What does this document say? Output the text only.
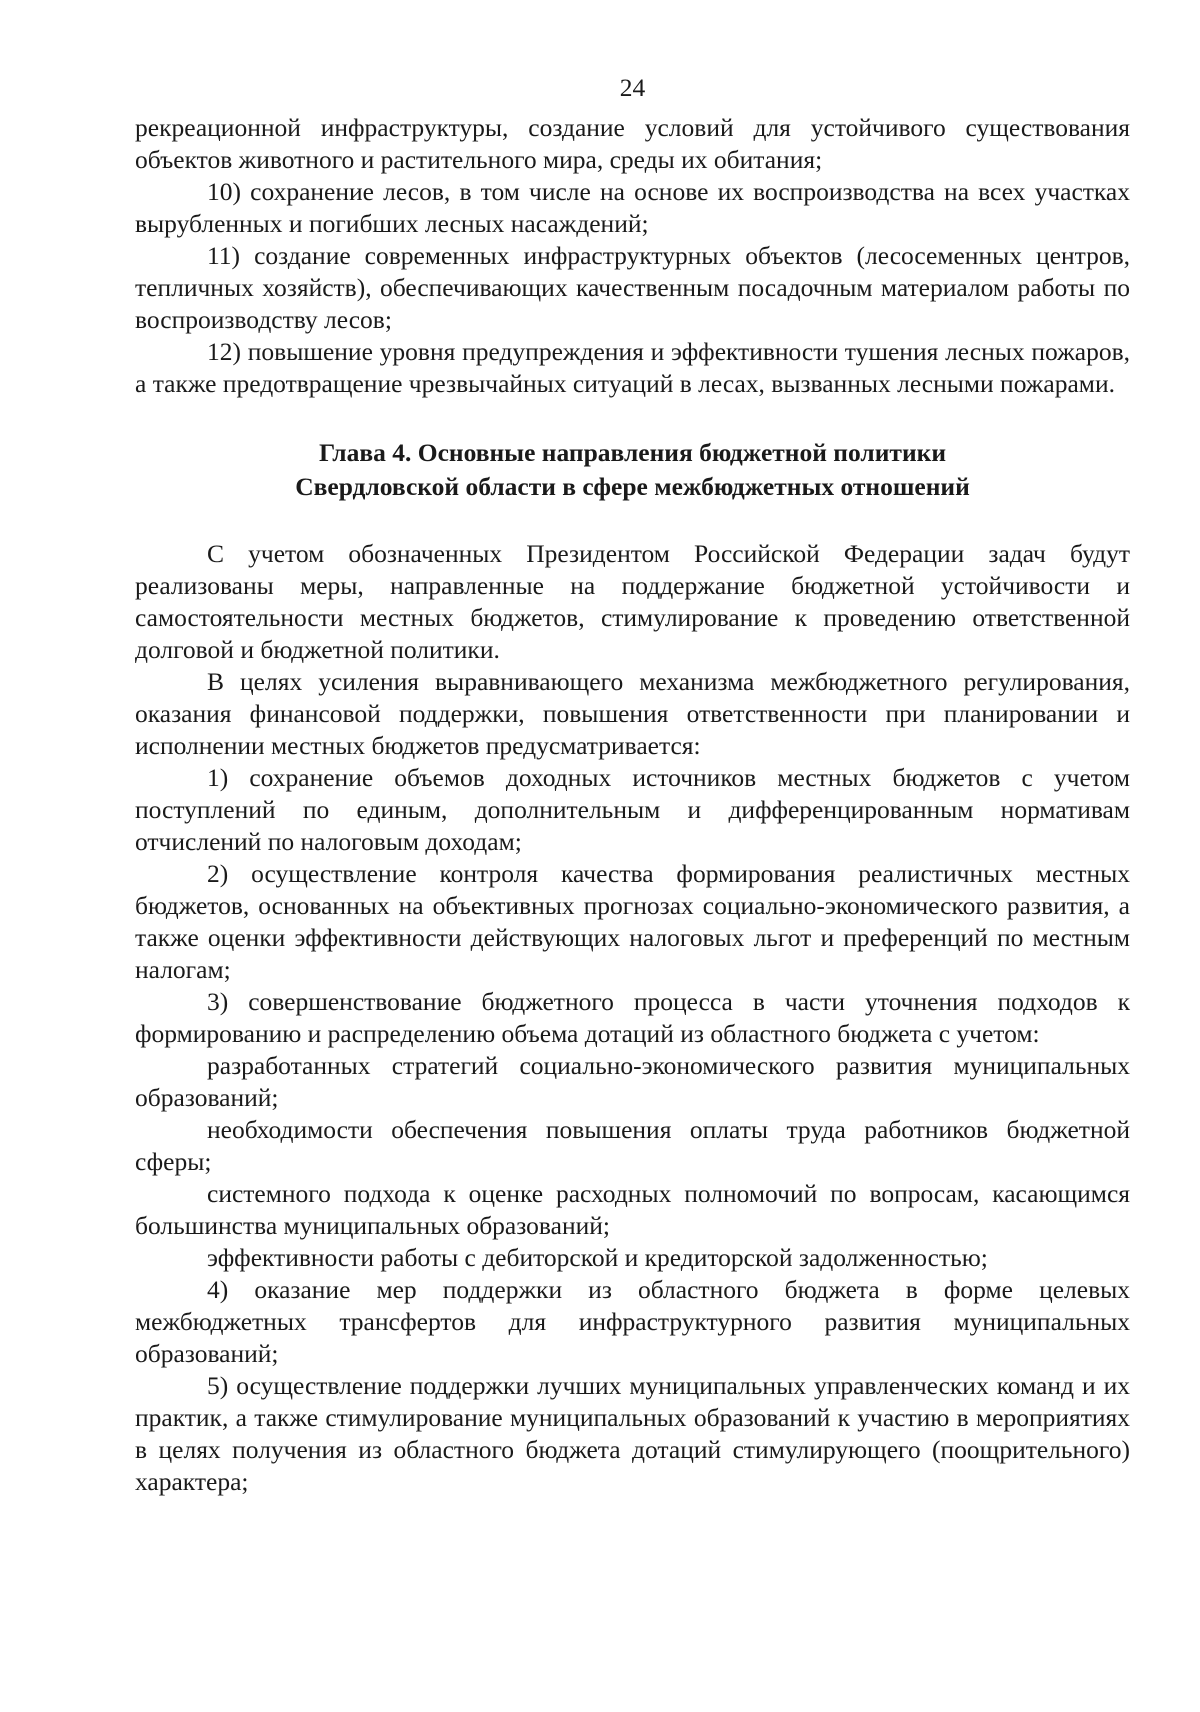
24

рекреационной инфраструктуры, создание условий для устойчивого существования объектов животного и растительного мира, среды их обитания;

10) сохранение лесов, в том числе на основе их воспроизводства на всех участках вырубленных и погибших лесных насаждений;

11) создание современных инфраструктурных объектов (лесосеменных центров, тепличных хозяйств), обеспечивающих качественным посадочным материалом работы по воспроизводству лесов;

12) повышение уровня предупреждения и эффективности тушения лесных пожаров, а также предотвращение чрезвычайных ситуаций в лесах, вызванных лесными пожарами.

Глава 4. Основные направления бюджетной политики
Свердловской области в сфере межбюджетных отношений

С учетом обозначенных Президентом Российской Федерации задач будут реализованы меры, направленные на поддержание бюджетной устойчивости и самостоятельности местных бюджетов, стимулирование к проведению ответственной долговой и бюджетной политики.

В целях усиления выравнивающего механизма межбюджетного регулирования, оказания финансовой поддержки, повышения ответственности при планировании и исполнении местных бюджетов предусматривается:

1) сохранение объемов доходных источников местных бюджетов с учетом поступлений по единым, дополнительным и дифференцированным нормативам отчислений по налоговым доходам;

2) осуществление контроля качества формирования реалистичных местных бюджетов, основанных на объективных прогнозах социально-экономического развития, а также оценки эффективности действующих налоговых льгот и преференций по местным налогам;

3) совершенствование бюджетного процесса в части уточнения подходов к формированию и распределению объема дотаций из областного бюджета с учетом:

разработанных стратегий социально-экономического развития муниципальных образований;

необходимости обеспечения повышения оплаты труда работников бюджетной сферы;

системного подхода к оценке расходных полномочий по вопросам, касающимся большинства муниципальных образований;

эффективности работы с дебиторской и кредиторской задолженностью;

4) оказание мер поддержки из областного бюджета в форме целевых межбюджетных трансфертов для инфраструктурного развития муниципальных образований;

5) осуществление поддержки лучших муниципальных управленческих команд и их практик, а также стимулирование муниципальных образований к участию в мероприятиях в целях получения из областного бюджета дотаций стимулирующего (поощрительного) характера;
